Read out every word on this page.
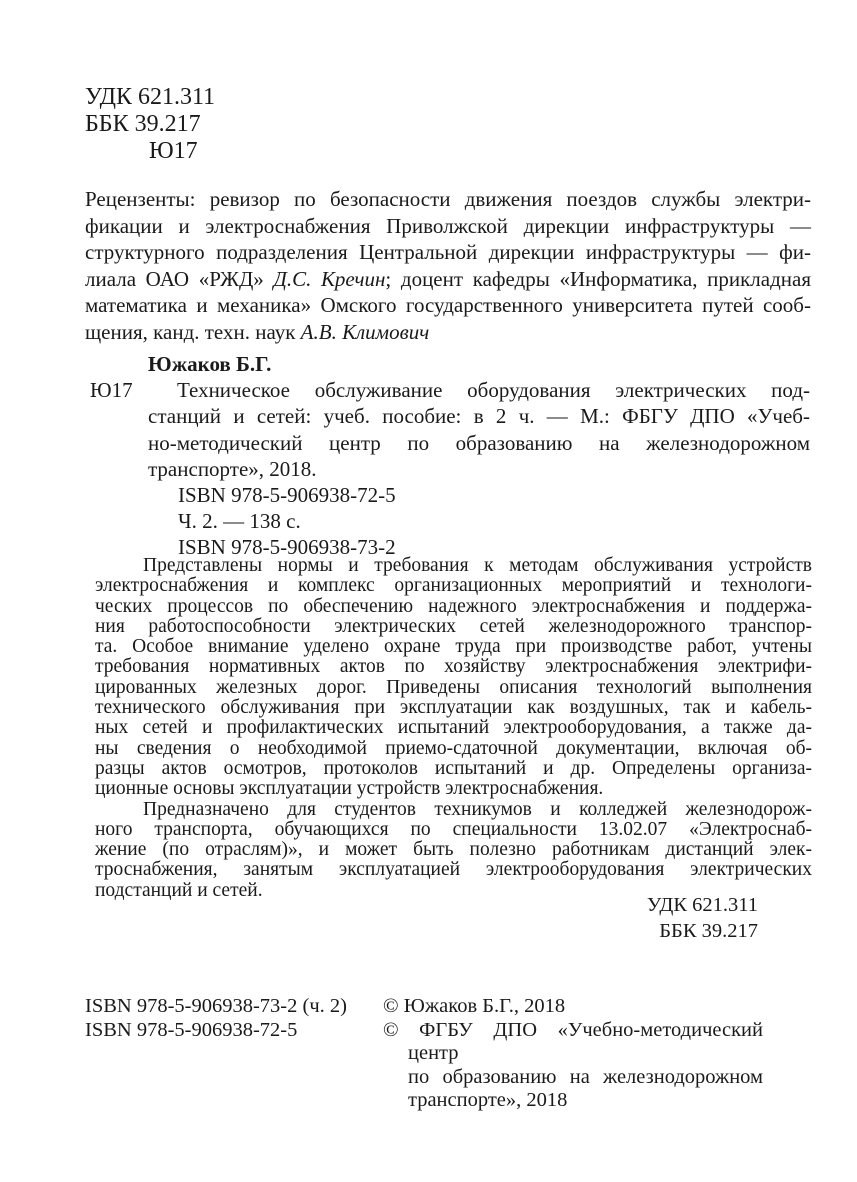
УДК 621.311
ББК 39.217
Ю17
Рецензенты: ревизор по безопасности движения поездов службы электри-
фикации и электроснабжения Приволжской дирекции инфраструктуры —
структурного подразделения Центральной дирекции инфраструктуры — фи-
лиала ОАО «РЖД» Д.С. Кречин; доцент кафедры «Информатика, прикладная
математика и механика» Омского государственного университета путей сооб-
щения, канд. техн. наук А.В. Климович
Южаков Б.Г.
Ю17	Техническое обслуживание оборудования электрических под-
станций и сетей: учеб. пособие: в 2 ч. — М.: ФБГУ ДПО «Учеб-
но-методический центр по образованию на железнодорожном
транспорте», 2018.
ISBN 978-5-906938-72-5
Ч. 2. — 138 с.
ISBN 978-5-906938-73-2
Представлены нормы и требования к методам обслуживания устройств
электроснабжения и комплекс организационных мероприятий и технологи-
ческих процессов по обеспечению надежного электроснабжения и поддержа-
ния работоспособности электрических сетей железнодорожного транспор-
та. Особое внимание уделено охране труда при производстве работ, учтены
требования нормативных актов по хозяйству электроснабжения электрифи-
цированных железных дорог. Приведены описания технологий выполнения
технического обслуживания при эксплуатации как воздушных, так и кабель-
ных сетей и профилактических испытаний электрооборудования, а также да-
ны сведения о необходимой приемо-сдаточной документации, включая об-
разцы актов осмотров, протоколов испытаний и др. Определены организа-
ционные основы эксплуатации устройств электроснабжения.
Предназначено для студентов техникумов и колледжей железнодорож-
ного транспорта, обучающихся по специальности 13.02.07 «Электроснаб-
жение (по отраслям)», и может быть полезно работникам дистанций элек-
троснабжения, занятым эксплуатацией электрооборудования электрических
подстанций и сетей.
УДК 621.311
ББК 39.217
ISBN 978-5-906938-73-2 (ч. 2)
ISBN 978-5-906938-72-5
© Южаков Б.Г., 2018
© ФГБУ ДПО «Учебно-методический центр
по образованию на железнодорожном
транспорте», 2018
